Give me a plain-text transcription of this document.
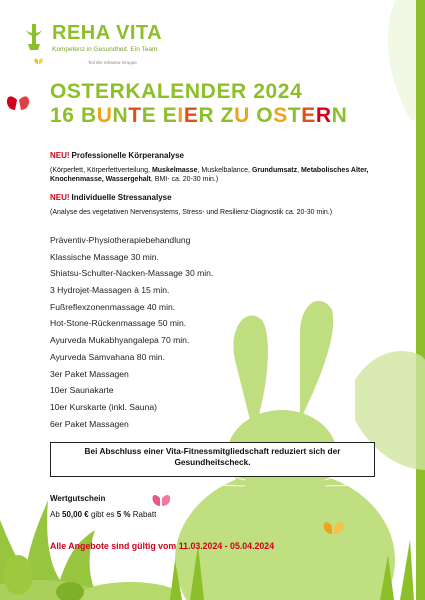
REHA VITA
Kompetenz in Gesundheit. Ein Team.
Teil der rehaneo-Gruppe
OSTERKALENDER 2024
16 BUNTE EIER ZU OSTERN
NEU! Professionelle Körperanalyse
(Körperfett, Körperfettverteilung, Muskelmasse, Muskelbalance, Grundumsatz, Metabolisches Alter, Knochenmasse, Wassergehalt, BMI- ca. 20-30 min.)
NEU! Individuelle Stressanalyse
(Analyse des vegetativen Nervensystems, Stress- und Resilienz-Diagnostik ca. 20-30 min.)
Präventiv-Physiotherapiebehandlung
Klassische Massage 30 min.
Shiatsu-Schulter-Nacken-Massage 30 min.
3 Hydrojet-Massagen à 15 min.
Fußreflexzonenmassage 40 min.
Hot-Stone-Rückenmassage 50 min.
Ayurveda Mukabhyangalepa 70 min.
Ayurveda Samvahana 80 min.
3er Paket Massagen
10er Saunakarte
10er Kurskarte (inkl. Sauna)
6er Paket Massagen
Bei Abschluss einer Vita-Fitnessmitgliedschaft reduziert sich der Gesundheitscheck.
Wertgutschein
Ab 50,00 € gibt es 5 % Rabatt
Alle Angebote sind gültig vom 11.03.2024 - 05.04.2024
